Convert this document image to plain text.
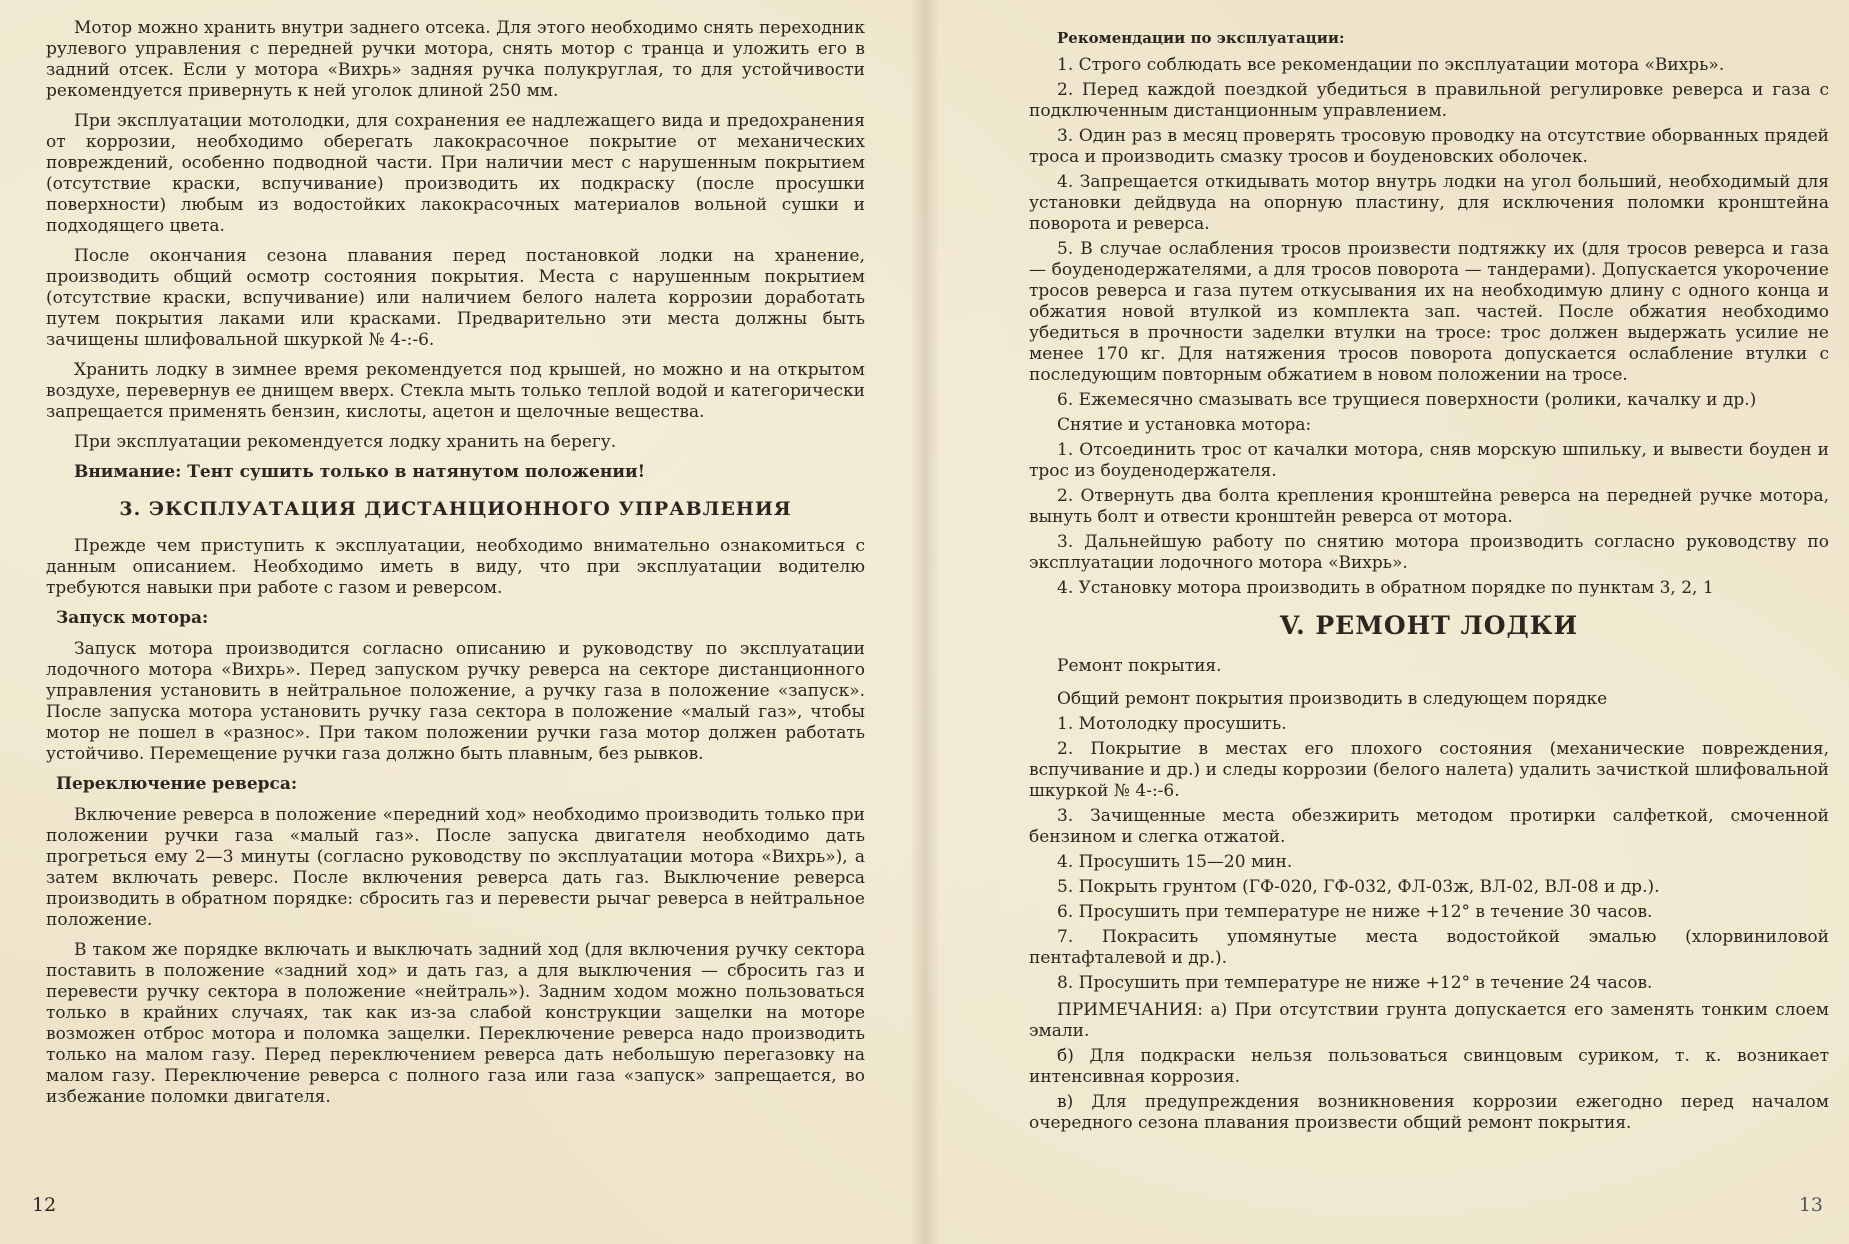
Мотор можно хранить внутри заднего отсека. Для этого необходимо снять переходник рулевого управления с передней ручки мотора, снять мотор с транца и уложить его в задний отсек. Если у мотора «Вихрь» задняя ручка полукруглая, то для устойчивости рекомендуется привернуть к ней уголок длиной 250 мм.

При эксплуатации мотолодки, для сохранения ее надлежащего вида и предохранения от коррозии, необходимо оберегать лакокрасочное покрытие от механических повреждений, особенно подводной части. При наличии мест с нарушенным покрытием (отсутствие краски, вспучивание) производить их подкраску (после просушки поверхности) любым из водостойких лакокрасочных материалов вольной сушки и подходящего цвета.

После окончания сезона плавания перед постановкой лодки на хранение, производить общий осмотр состояния покрытия. Места с нарушенным покрытием (отсутствие краски, вспучивание) или наличием белого налета коррозии доработать путем покрытия лаками или красками. Предварительно эти места должны быть зачищены шлифовальной шкуркой № 4-:-6.

Хранить лодку в зимнее время рекомендуется под крышей, но можно и на открытом воздухе, перевернув ее днищем вверх. Стекла мыть только теплой водой и категорически запрещается применять бензин, кислоты, ацетон и щелочные вещества.

При эксплуатации рекомендуется лодку хранить на берегу.

Внимание: Тент сушить только в натянутом положении!

3. ЭКСПЛУАТАЦИЯ ДИСТАНЦИОННОГО УПРАВЛЕНИЯ

Прежде чем приступить к эксплуатации, необходимо внимательно ознакомиться с данным описанием. Необходимо иметь в виду, что при эксплуатации водителю требуются навыки при работе с газом и реверсом.

Запуск мотора:

Запуск мотора производится согласно описанию и руководству по эксплуатации лодочного мотора «Вихрь». Перед запуском ручку реверса на секторе дистанционного управления установить в нейтральное положение, а ручку газа в положение «запуск». После запуска мотора установить ручку газа сектора в положение «малый газ», чтобы мотор не пошел в «разнос». При таком положении ручки газа мотор должен работать устойчиво. Перемещение ручки газа должно быть плавным, без рывков.

Переключение реверса:

Включение реверса в положение «передний ход» необходимо производить только при положении ручки газа «малый газ». После запуска двигателя необходимо дать прогреться ему 2—3 минуты (согласно руководству по эксплуатации мотора «Вихрь»), а затем включать реверс. После включения реверса дать газ. Выключение реверса производить в обратном порядке: сбросить газ и перевести рычаг реверса в нейтральное положение.

В таком же порядке включать и выключать задний ход (для включения ручку сектора поставить в положение «задний ход» и дать газ, а для выключения — сбросить газ и перевести ручку сектора в положение «нейтраль»). Задним ходом можно пользоваться только в крайних случаях, так как из-за слабой конструкции защелки на моторе возможен отброс мотора и поломка защелки. Переключение реверса надо производить только на малом газу. Перед переключением реверса дать небольшую перегазовку на малом газу. Переключение реверса с полного газа или газа «запуск» запрещается, во избежание поломки двигателя.

12

Рекомендации по эксплуатации:

1. Строго соблюдать все рекомендации по эксплуатации мотора «Вихрь».

2. Перед каждой поездкой убедиться в правильной регулировке реверса и газа с подключенным дистанционным управлением.

3. Один раз в месяц проверять тросовую проводку на отсутствие оборванных прядей троса и производить смазку тросов и боуденовских оболочек.

4. Запрещается откидывать мотор внутрь лодки на угол больший, необходимый для установки дейдвуда на опорную пластину, для исключения поломки кронштейна поворота и реверса.

5. В случае ослабления тросов произвести подтяжку их (для тросов реверса и газа — боуденодержателями, а для тросов поворота — тандерами). Допускается укорочение тросов реверса и газа путем откусывания их на необходимую длину с одного конца и обжатия новой втулкой из комплекта зап. частей. После обжатия необходимо убедиться в прочности заделки втулки на тросе: трос должен выдержать усилие не менее 170 кг. Для натяжения тросов поворота допускается ослабление втулки с последующим повторным обжатием в новом положении на тросе.

6. Ежемесячно смазывать все трущиеся поверхности (ролики, качалку и др.)

Снятие и установка мотора:

1. Отсоединить трос от качалки мотора, сняв морскую шпильку, и вывести боуден и трос из боуденодержателя.

2. Отвернуть два болта крепления кронштейна реверса на передней ручке мотора, вынуть болт и отвести кронштейн реверса от мотора.

3. Дальнейшую работу по снятию мотора производить согласно руководству по эксплуатации лодочного мотора «Вихрь».

4. Установку мотора производить в обратном порядке по пунктам 3, 2, 1

V. РЕМОНТ ЛОДКИ

Ремонт покрытия.

Общий ремонт покрытия производить в следующем порядке

1. Мотолодку просушить.

2. Покрытие в местах его плохого состояния (механические повреждения, вспучивание и др.) и следы коррозии (белого налета) удалить зачисткой шлифовальной шкуркой № 4-:-6.

3. Зачищенные места обезжирить методом протирки салфеткой, смоченной бензином и слегка отжатой.

4. Просушить 15—20 мин.

5. Покрыть грунтом (ГФ-020, ГФ-032, ФЛ-03ж, ВЛ-02, ВЛ-08 и др.).

6. Просушить при температуре не ниже +12° в течение 30 часов.

7. Покрасить упомянутые места водостойкой эмалью (хлорвиниловой пентафталевой и др.).

8. Просушить при температуре не ниже +12° в течение 24 часов.

ПРИМЕЧАНИЯ: а) При отсутствии грунта допускается его заменять тонким слоем эмали.

б) Для подкраски нельзя пользоваться свинцовым суриком, т. к. возникает интенсивная коррозия.

в) Для предупреждения возникновения коррозии ежегодно перед началом очередного сезона плавания произвести общий ремонт покрытия.

13
